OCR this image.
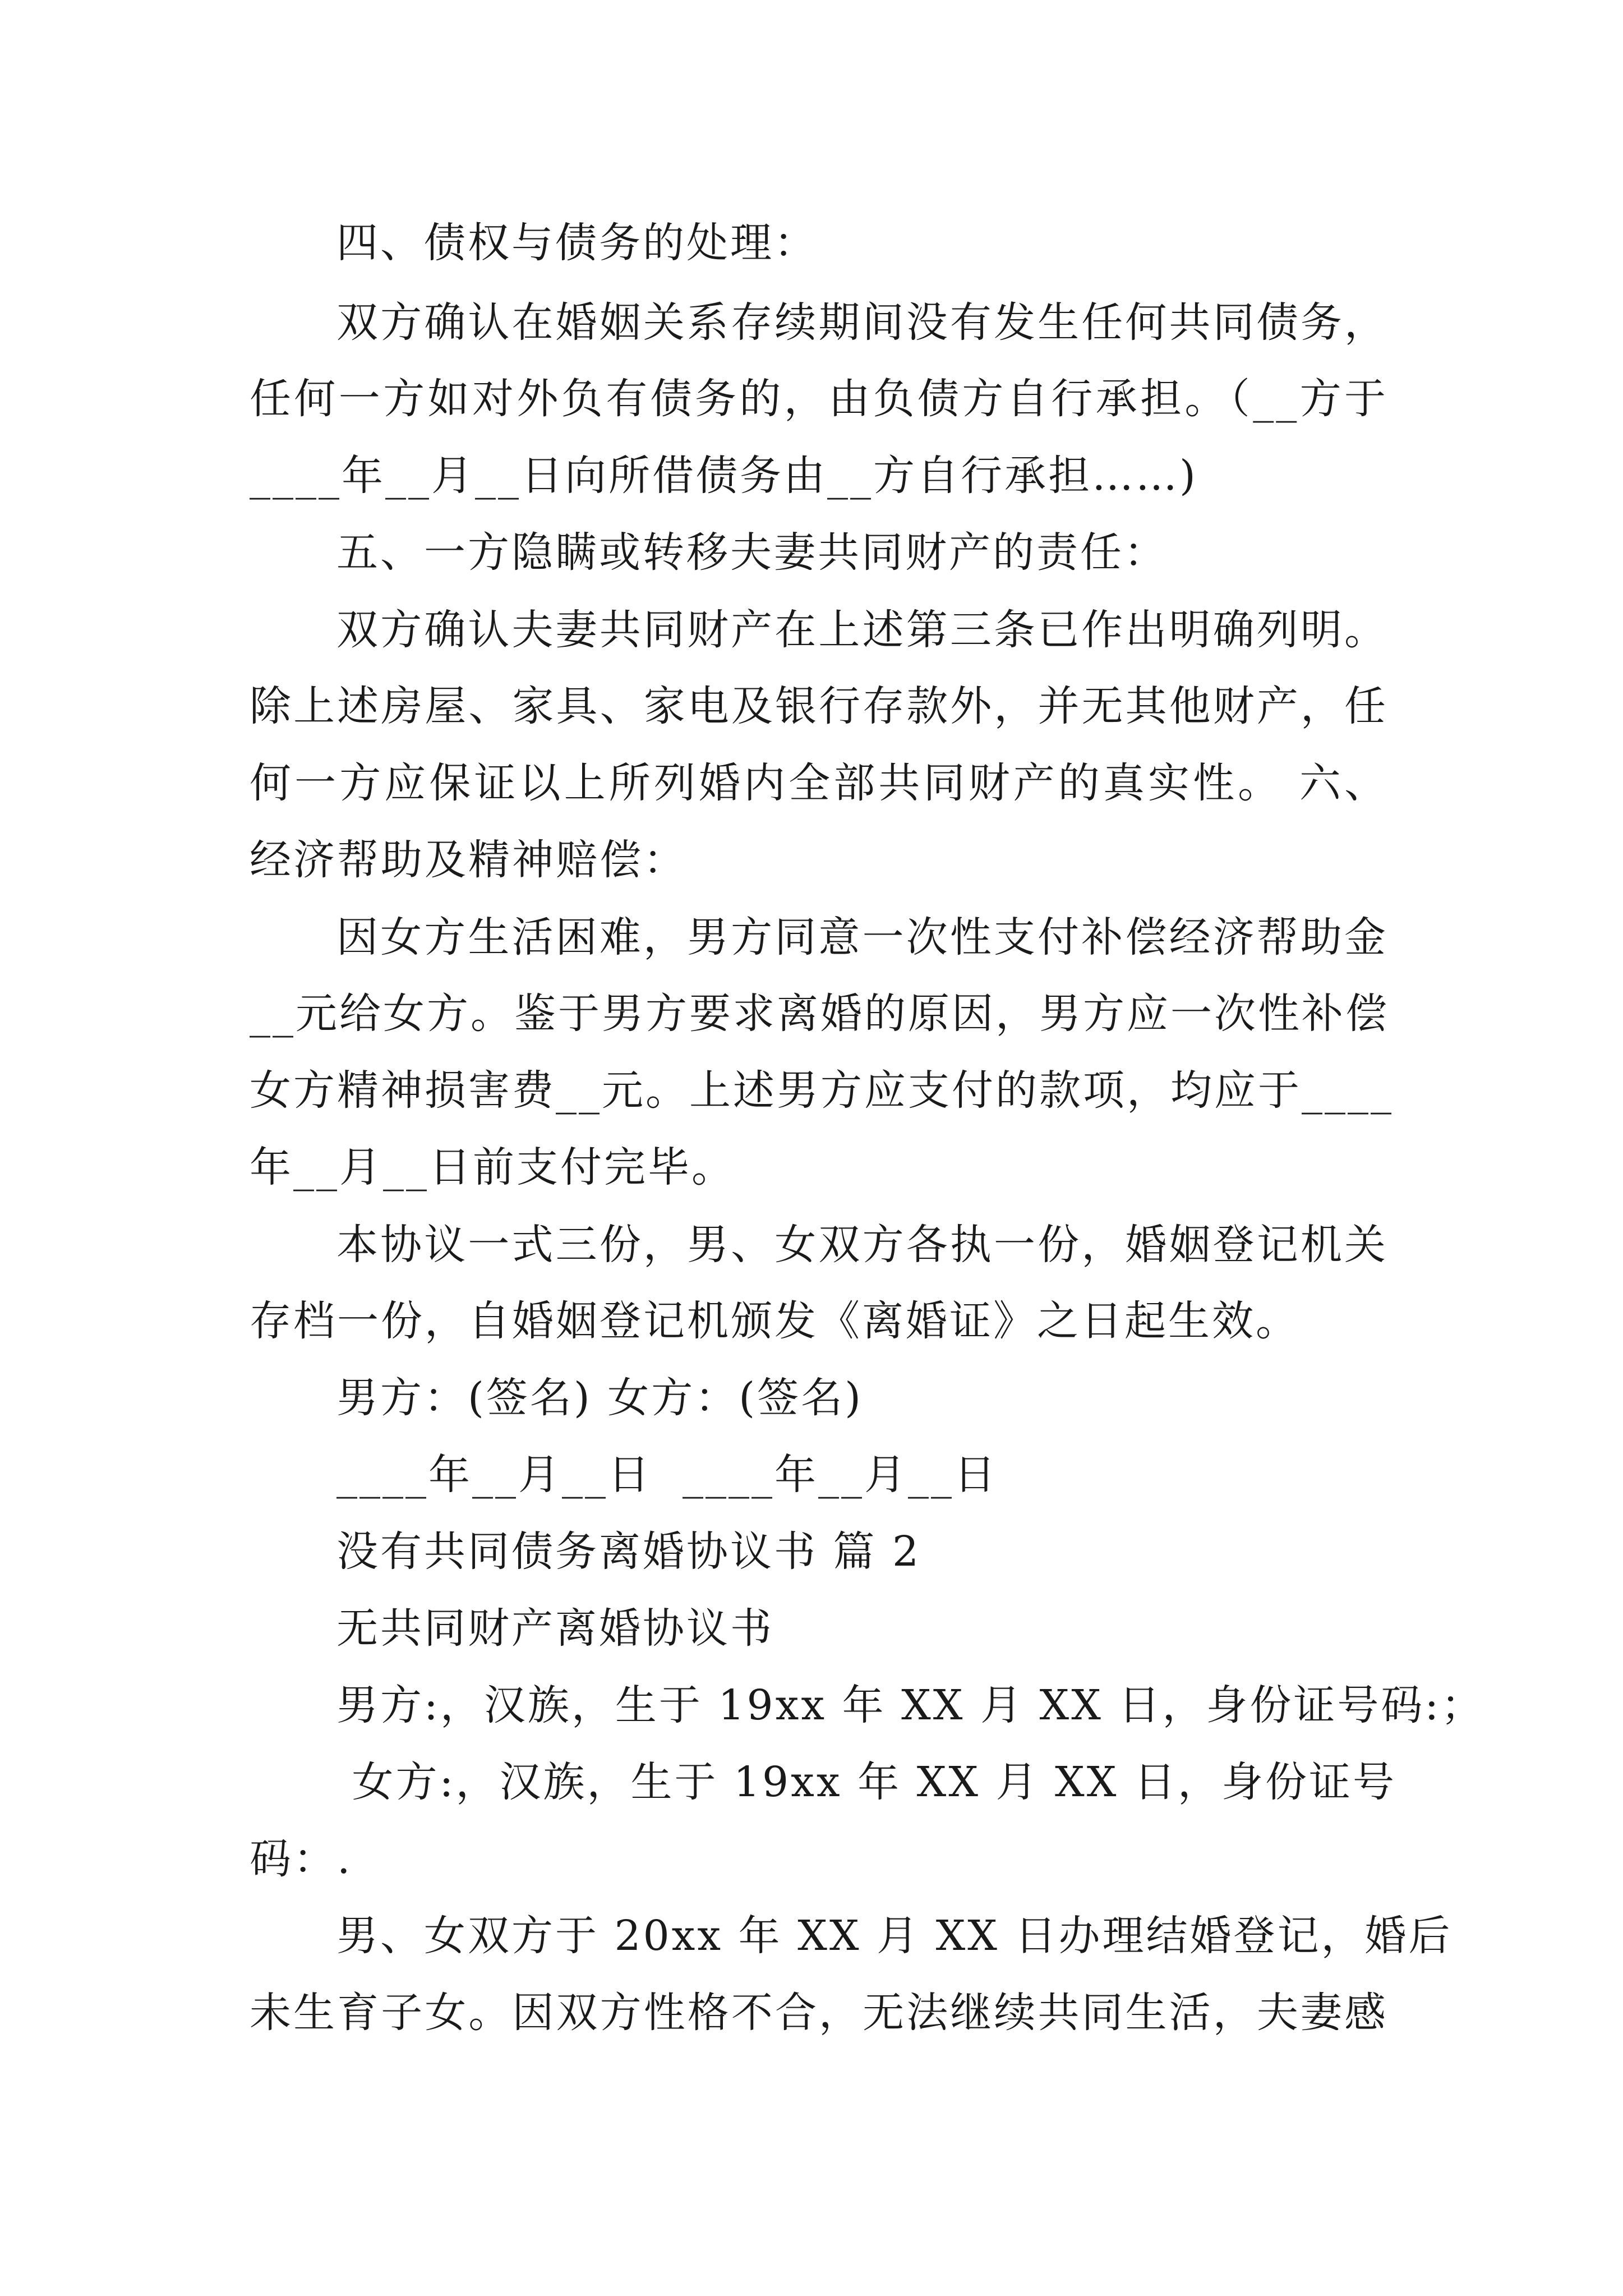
四、债权与债务的处理：
双方确认在婚姻关系存续期间没有发生任何共同债务，
任何一方如对外负有债务的，由负债方自行承担。（__方于
____年__月__日向所借债务由__方自行承担……)
五、一方隐瞒或转移夫妻共同财产的责任：
双方确认夫妻共同财产在上述第三条已作出明确列明。
除上述房屋、家具、家电及银行存款外，并无其他财产，任
何一方应保证以上所列婚内全部共同财产的真实性。 六、
经济帮助及精神赔偿：
因女方生活困难，男方同意一次性支付补偿经济帮助金
__元给女方。鉴于男方要求离婚的原因，男方应一次性补偿
女方精神损害费__元。上述男方应支付的款项，均应于____
年__月__日前支付完毕。
本协议一式三份，男、女双方各执一份，婚姻登记机关
存档一份，自婚姻登记机颁发《离婚证》之日起生效。
男方：(签名) 女方：(签名)
____年__月__日  ____年__月__日
没有共同债务离婚协议书 篇 2
无共同财产离婚协议书
男方:，汉族，生于 19xx 年 XX 月 XX 日，身份证号码:；
女方:，汉族，生于 19xx 年 XX 月 XX 日，身份证号
码：.
男、女双方于 20xx 年 XX 月 XX 日办理结婚登记，婚后
未生育子女。因双方性格不合，无法继续共同生活，夫妻感
